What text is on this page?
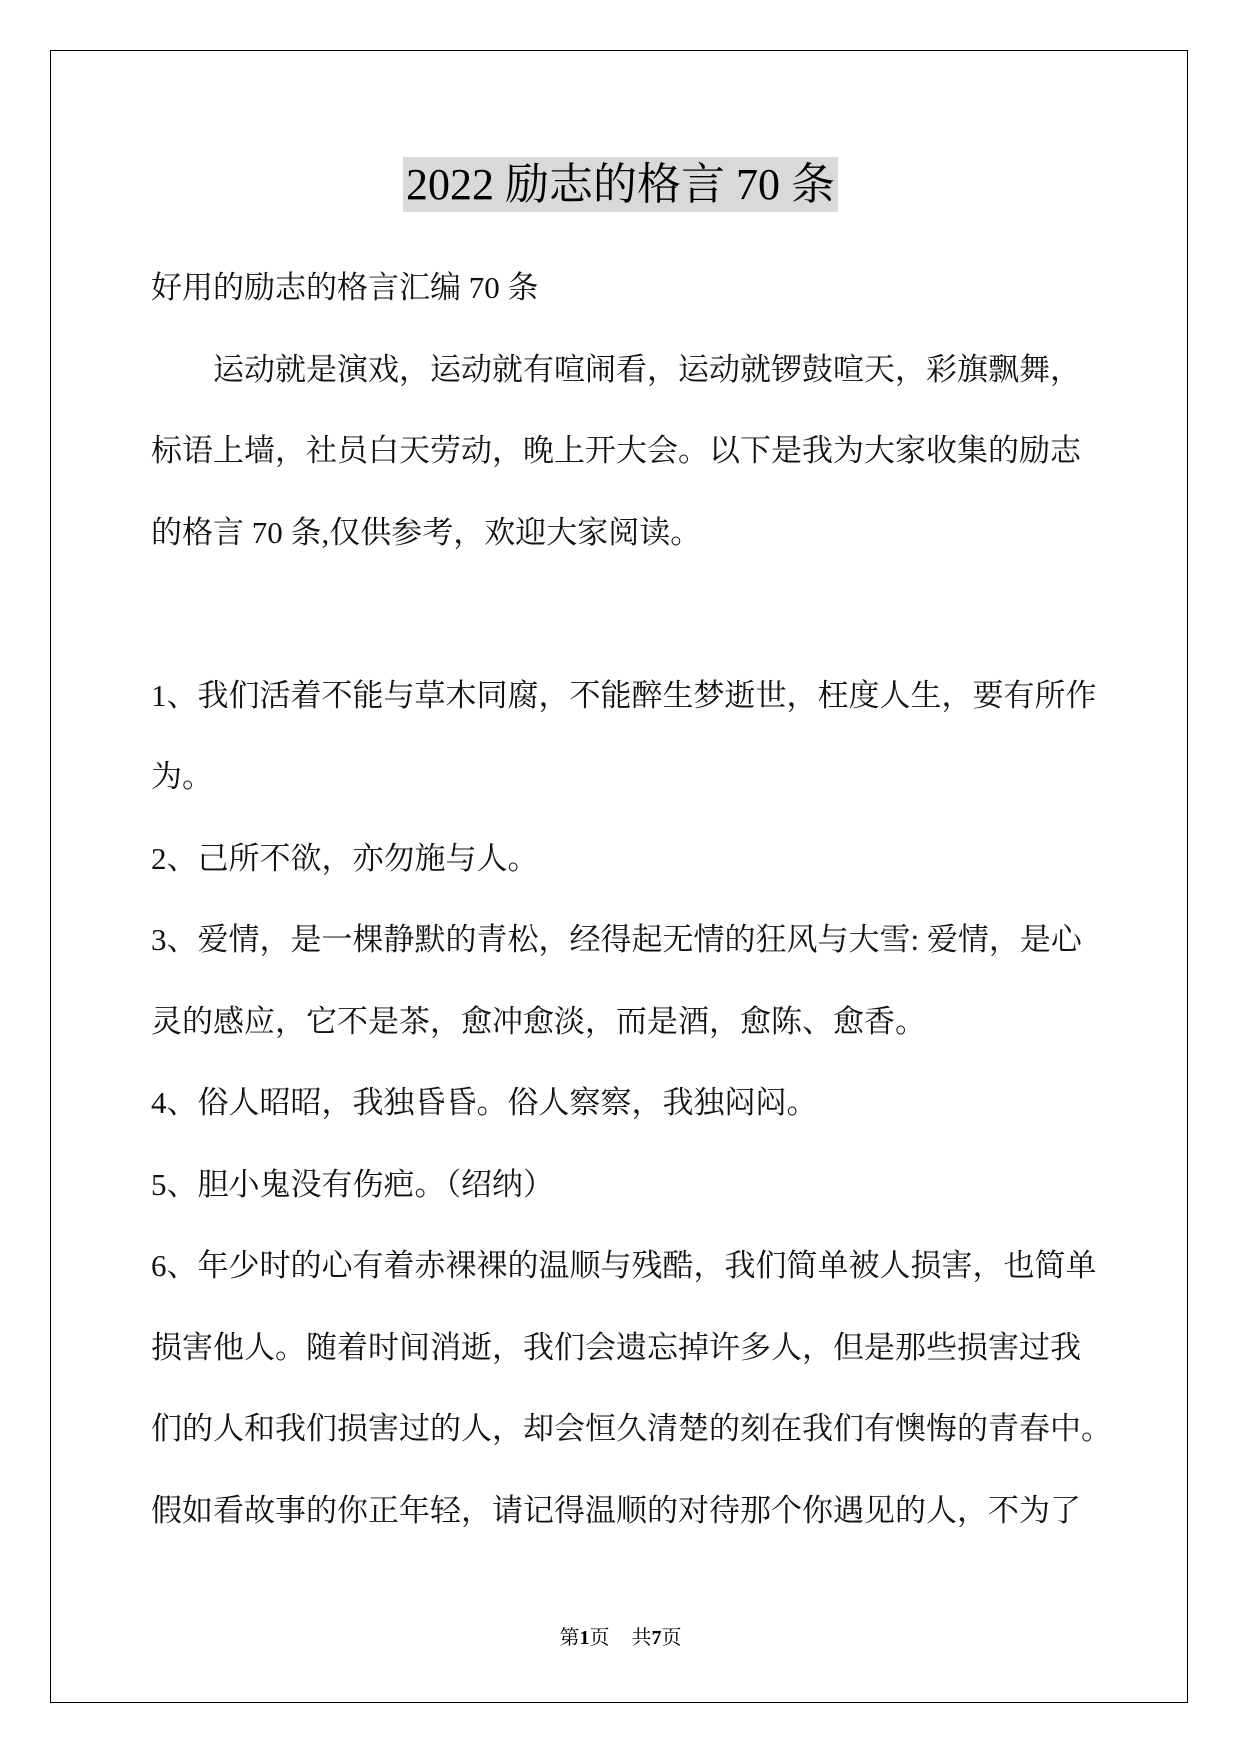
2022 励志的格言 70 条
好用的励志的格言汇编 70 条
运动就是演戏，运动就有喧闹看，运动就锣鼓喧天，彩旗飘舞，
标语上墙，社员白天劳动，晚上开大会。以下是我为大家收集的励志
的格言 70 条,仅供参考，欢迎大家阅读。
1、我们活着不能与草木同腐，不能醉生梦逝世，枉度人生，要有所作
为。
2、己所不欲，亦勿施与人。
3、爱情，是一棵静默的青松，经得起无情的狂风与大雪: 爱情，是心
灵的感应，它不是茶，愈冲愈淡，而是酒，愈陈、愈香。
4、俗人昭昭，我独昏昏。俗人察察，我独闷闷。
5、胆小鬼没有伤疤。（绍纳）
6、年少时的心有着赤裸裸的温顺与残酷，我们简单被人损害，也简单
损害他人。随着时间消逝，我们会遗忘掉许多人，但是那些损害过我
们的人和我们损害过的人，却会恒久清楚的刻在我们有懊悔的青春中。
假如看故事的你正年轻，请记得温顺的对待那个你遇见的人，不为了
第1页 共7页
